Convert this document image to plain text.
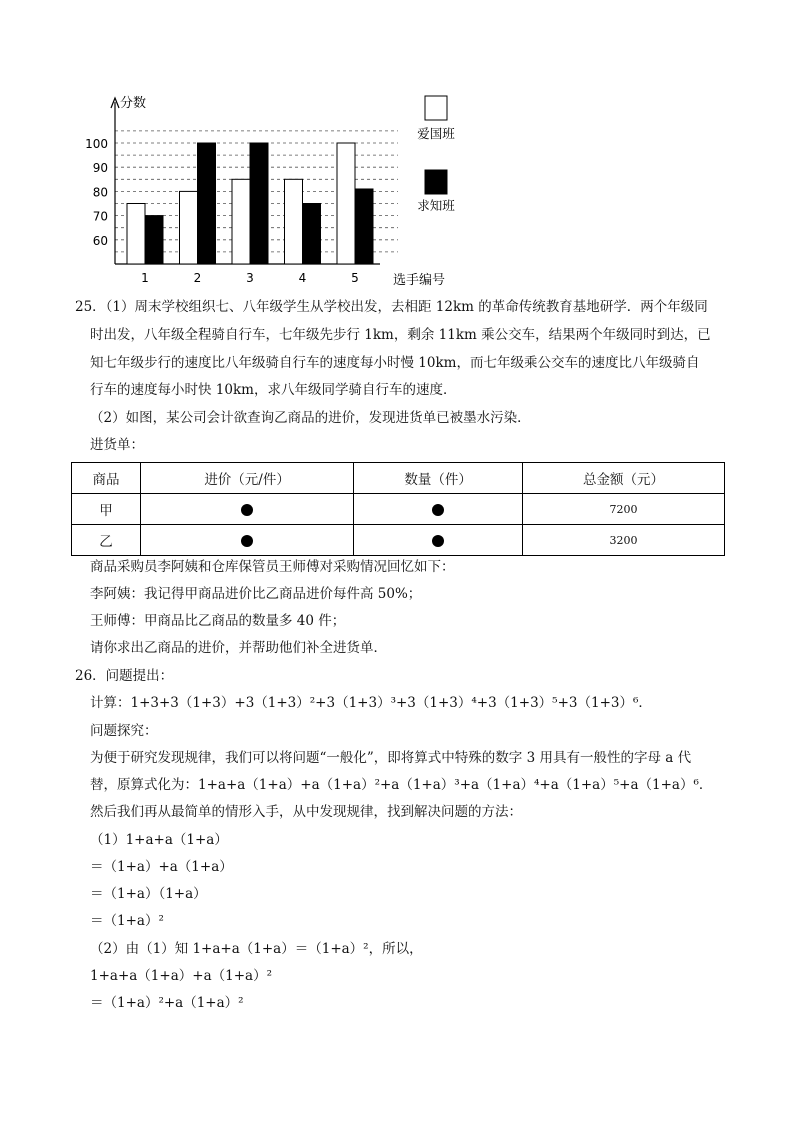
60
70
80
90
100
1	2	3	4	5
分数
选手编号
爱国班
求知班
25．（1）周末学校组织七、八年级学生从学校出发，去相距 12km 的革命传统教育基地研学．两个年级同
时出发，八年级全程骑自行车，七年级先步行 1km，剩余 11km 乘公交车，结果两个年级同时到达，已
知七年级步行的速度比八年级骑自行车的速度每小时慢 10km，而七年级乘公交车的速度比八年级骑自
行车的速度每小时快 10km，求八年级同学骑自行车的速度．
（2）如图，某公司会计欲查询乙商品的进价，发现进货单已被墨水污染．
进货单：
商品	进价（元/件）	数量（件）	总金额（元）
甲			7200
乙			3200
商品采购员李阿姨和仓库保管员王师傅对采购情况回忆如下：
李阿姨：我记得甲商品进价比乙商品进价每件高 50%；
王师傅：甲商品比乙商品的数量多 40 件；
请你求出乙商品的进价，并帮助他们补全进货单．
26．问题提出：
计算：1+3+3（1+3）+3（1+3）²+3（1+3）³+3（1+3）⁴+3（1+3）⁵+3（1+3）⁶．
问题探究：
为便于研究发现规律，我们可以将问题“一般化”，即将算式中特殊的数字 3 用具有一般性的字母 a 代
替，原算式化为：1+a+a（1+a）+a（1+a）²+a（1+a）³+a（1+a）⁴+a（1+a）⁵+a（1+a）⁶．
然后我们再从最简单的情形入手，从中发现规律，找到解决问题的方法：
（1）1+a+a（1+a）
＝（1+a）+a（1+a）
＝（1+a）（1+a）
＝（1+a）²
（2）由（1）知 1+a+a（1+a）＝（1+a）²，所以，
1+a+a（1+a）+a（1+a）²
＝（1+a）²+a（1+a）²
